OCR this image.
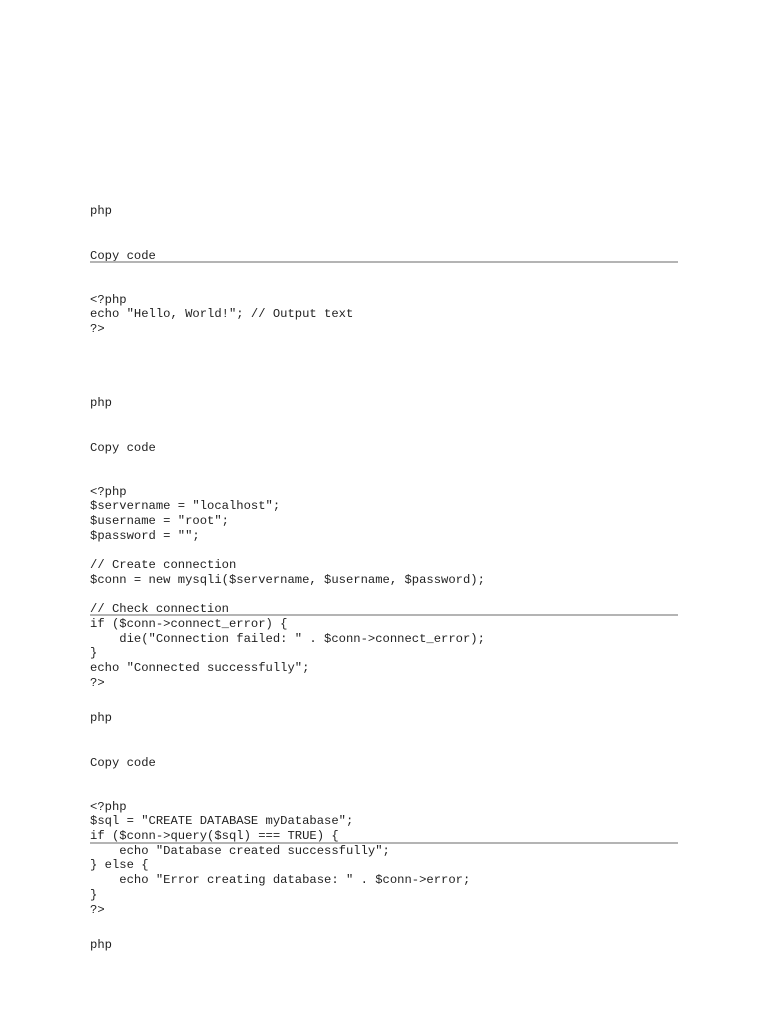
php

Copy code

<?php
echo "Hello, World!"; // Output text
?>

php

Copy code

<?php
$servername = "localhost";
$username = "root";
$password = "";

// Create connection
$conn = new mysqli($servername, $username, $password);

// Check connection
if ($conn->connect_error) {
die("Connection failed: " . $conn->connect_error);
}
echo "Connected successfully";
?>

php

Copy code

<?php
$sql = "CREATE DATABASE myDatabase";
if ($conn->query($sql) === TRUE) {
echo "Database created successfully";
} else {
echo "Error creating database: " . $conn->error;
}
?>

php
